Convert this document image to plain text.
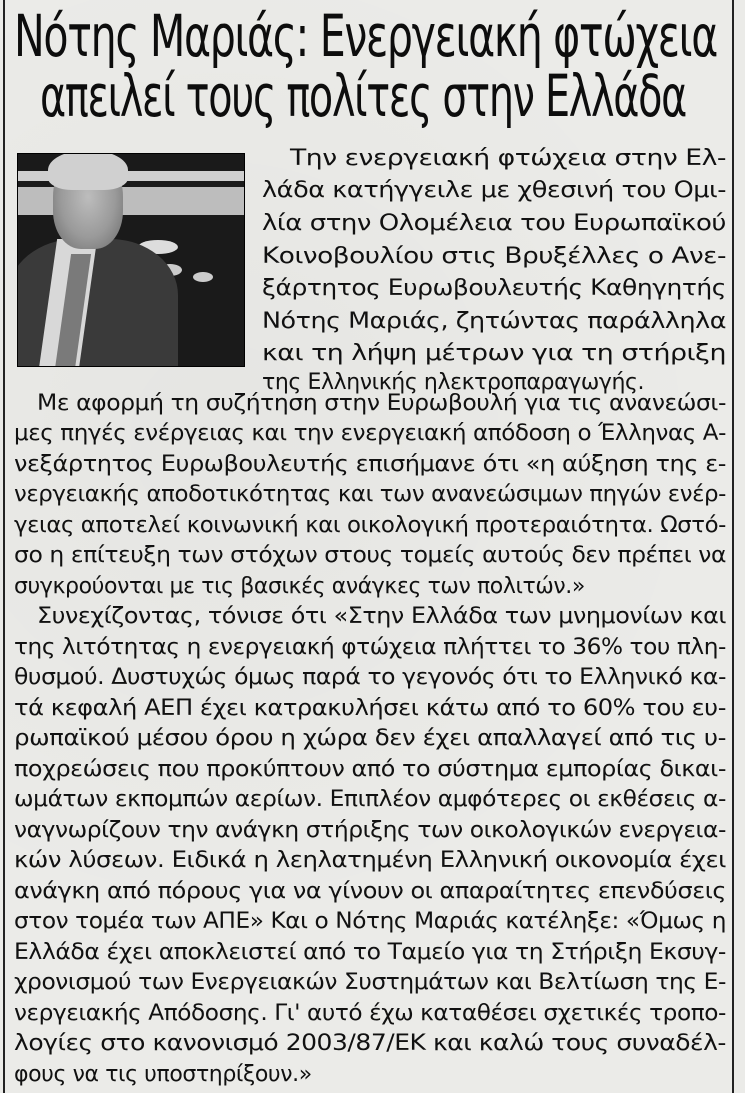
Νότης Μαριάς: Ενεργειακή φτώχεια
απειλεί τους πολίτες στην Ελλάδα
Την ενεργειακή φτώχεια στην Ελ-
λάδα κατήγγειλε με χθεσινή του Ομι-
λία στην Ολομέλεια του Ευρωπαϊκού
Κοινοβουλίου στις Βρυξέλλες ο Ανε-
ξάρτητος Ευρωβουλευτής Καθηγητής
Νότης Μαριάς, ζητώντας παράλληλα
και τη λήψη μέτρων για τη στήριξη
της Ελληνικής ηλεκτροπαραγωγής.
Με αφορμή τη συζήτηση στην Ευρωβουλή για τις ανανεώσι-
μες πηγές ενέργειας και την ενεργειακή απόδοση ο Έλληνας Α-
νεξάρτητος Ευρωβουλευτής επισήμανε ότι «η αύξηση της ε-
νεργειακής αποδοτικότητας και των ανανεώσιμων πηγών ενέρ-
γειας αποτελεί κοινωνική και οικολογική προτεραιότητα. Ωστό-
σο η επίτευξη των στόχων στους τομείς αυτούς δεν πρέπει να
συγκρούονται με τις βασικές ανάγκες των πολιτών.»
Συνεχίζοντας, τόνισε ότι «Στην Ελλάδα των μνημονίων και
της λιτότητας η ενεργειακή φτώχεια πλήττει το 36% του πλη-
θυσμού. Δυστυχώς όμως παρά το γεγονός ότι το Ελληνικό κα-
τά κεφαλή ΑΕΠ έχει κατρακυλήσει κάτω από το 60% του ευ-
ρωπαϊκού μέσου όρου η χώρα δεν έχει απαλλαγεί από τις υ-
ποχρεώσεις που προκύπτουν από το σύστημα εμπορίας δικαι-
ωμάτων εκπομπών αερίων. Επιπλέον αμφότερες οι εκθέσεις α-
ναγνωρίζουν την ανάγκη στήριξης των οικολογικών ενεργεια-
κών λύσεων. Ειδικά η λεηλατημένη Ελληνική οικονομία έχει
ανάγκη από πόρους για να γίνουν οι απαραίτητες επενδύσεις
στον τομέα των ΑΠΕ» Και ο Νότης Μαριάς κατέληξε: «Όμως η
Ελλάδα έχει αποκλειστεί από το Ταμείο για τη Στήριξη Εκσυγ-
χρονισμού των Ενεργειακών Συστημάτων και Βελτίωση της Ε-
νεργειακής Απόδοσης. Γι' αυτό έχω καταθέσει σχετικές τροπο-
λογίες στο κανονισμό 2003/87/ΕΚ και καλώ τους συναδέλ-
φους να τις υποστηρίξουν.»
